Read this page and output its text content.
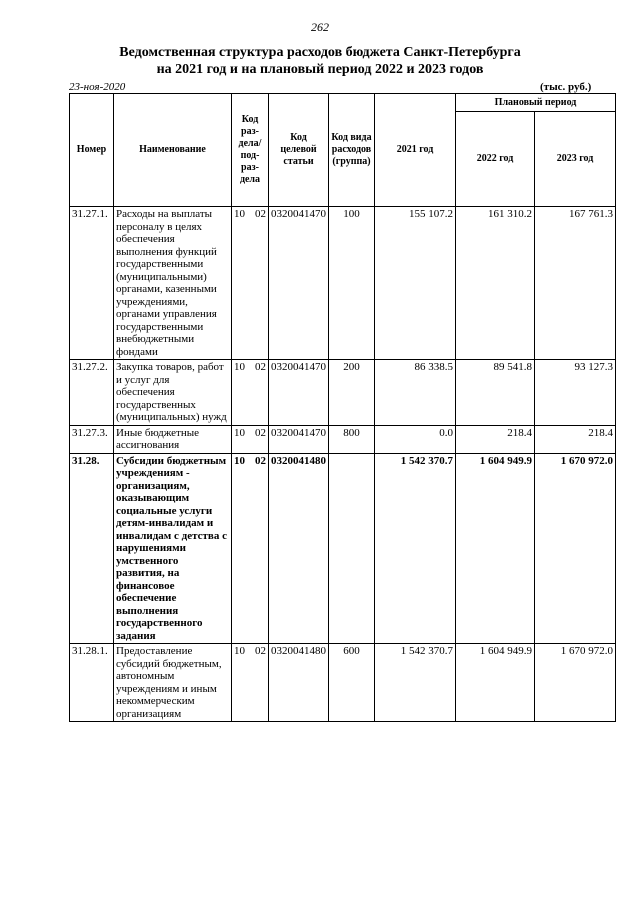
262
Ведомственная структура расходов бюджета Санкт-Петербурга
на 2021 год и на плановый период 2022 и 2023 годов
23-ноя-2020	(тыс. руб.)
Номер	Наименование	Код раз- дела/ под- раз- дела	Код целевой статьи	Код вида расходов (группа)	2021 год	Плановый период	
						2022 год	2023 год
31.27.1.	Расходы на выплаты персоналу в целях обеспечения выполнения функций государственными (муниципальными) органами, казенными учреждениями, органами управления государственными внебюджетными фондами	10 02	0320041470	100	155 107.2	161 310.2	167 761.3
31.27.2.	Закупка товаров, работ и услуг для обеспечения государственных (муниципальных) нужд	10 02	0320041470	200	86 338.5	89 541.8	93 127.3
31.27.3.	Иные бюджетные ассигнования	10 02	0320041470	800	0.0	218.4	218.4
31.28.	Субсидии бюджетным учреждениям - организациям, оказывающим социальные услуги детям-инвалидам и инвалидам с детства с нарушениями умственного развития, на финансовое обеспечение выполнения государственного задания	10 02	0320041480		1 542 370.7	1 604 949.9	1 670 972.0
31.28.1.	Предоставление субсидий бюджетным, автономным учреждениям и иным некоммерческим организациям	10 02	0320041480	600	1 542 370.7	1 604 949.9	1 670 972.0
